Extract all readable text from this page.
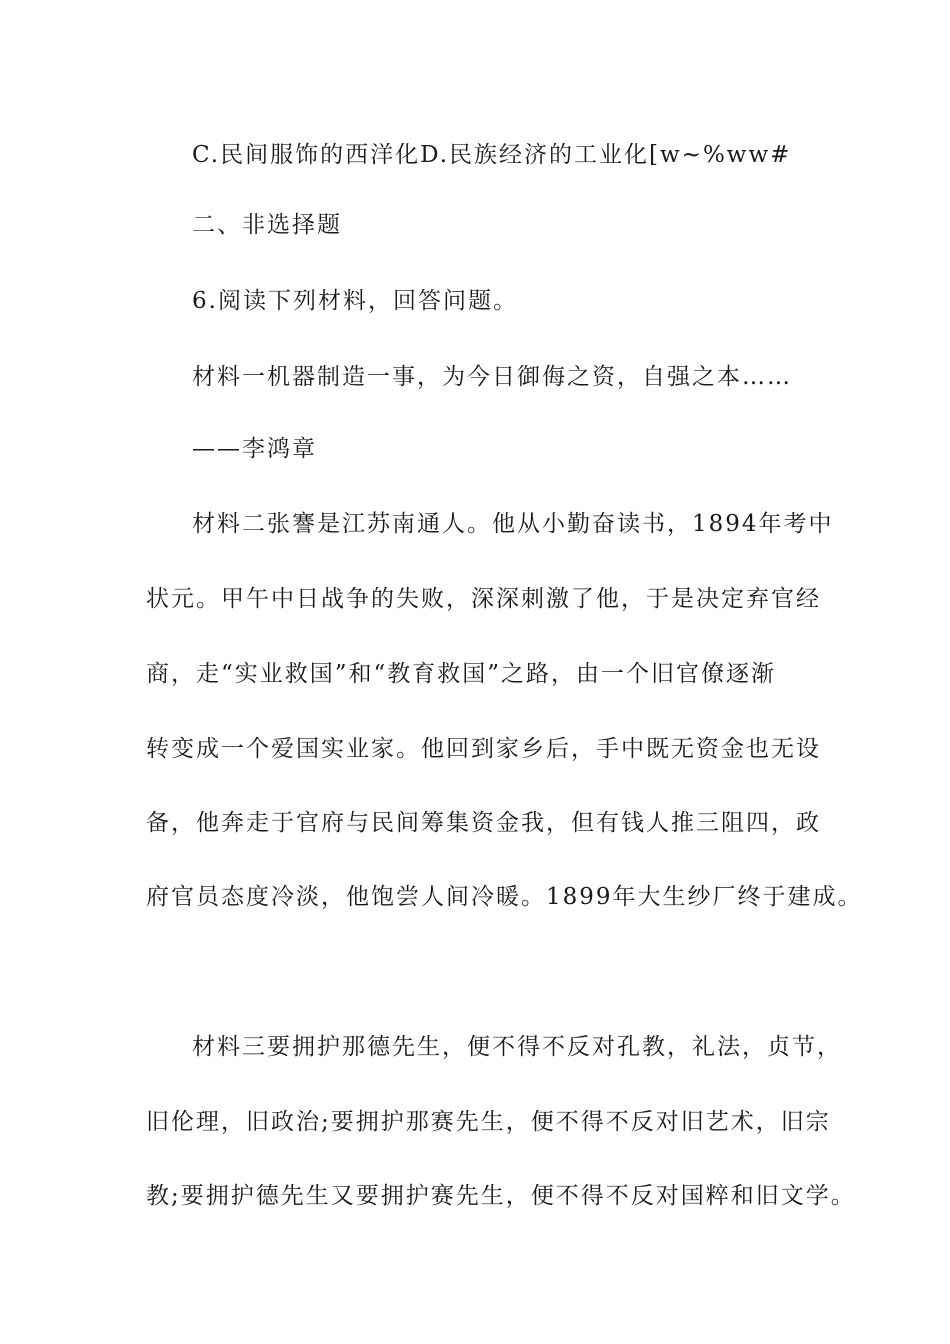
C.民间服饰的西洋化D.民族经济的工业化[w~%ww#
二、非选择题
6.阅读下列材料，回答问题。
材料一机器制造一事，为今日御侮之资，自强之本……
——李鸿章
材料二张謇是江苏南通人。他从小勤奋读书，1894年考中
状元。甲午中日战争的失败，深深刺激了他，于是决定弃官经
商，走“实业救国”和“教育救国”之路，由一个旧官僚逐渐
转变成一个爱国实业家。他回到家乡后，手中既无资金也无设
备，他奔走于官府与民间筹集资金我，但有钱人推三阻四，政
府官员态度冷淡，他饱尝人间冷暖。1899年大生纱厂终于建成。
材料三要拥护那德先生，便不得不反对孔教，礼法，贞节，
旧伦理，旧政治;要拥护那赛先生，便不得不反对旧艺术，旧宗
教;要拥护德先生又要拥护赛先生，便不得不反对国粹和旧文学。
